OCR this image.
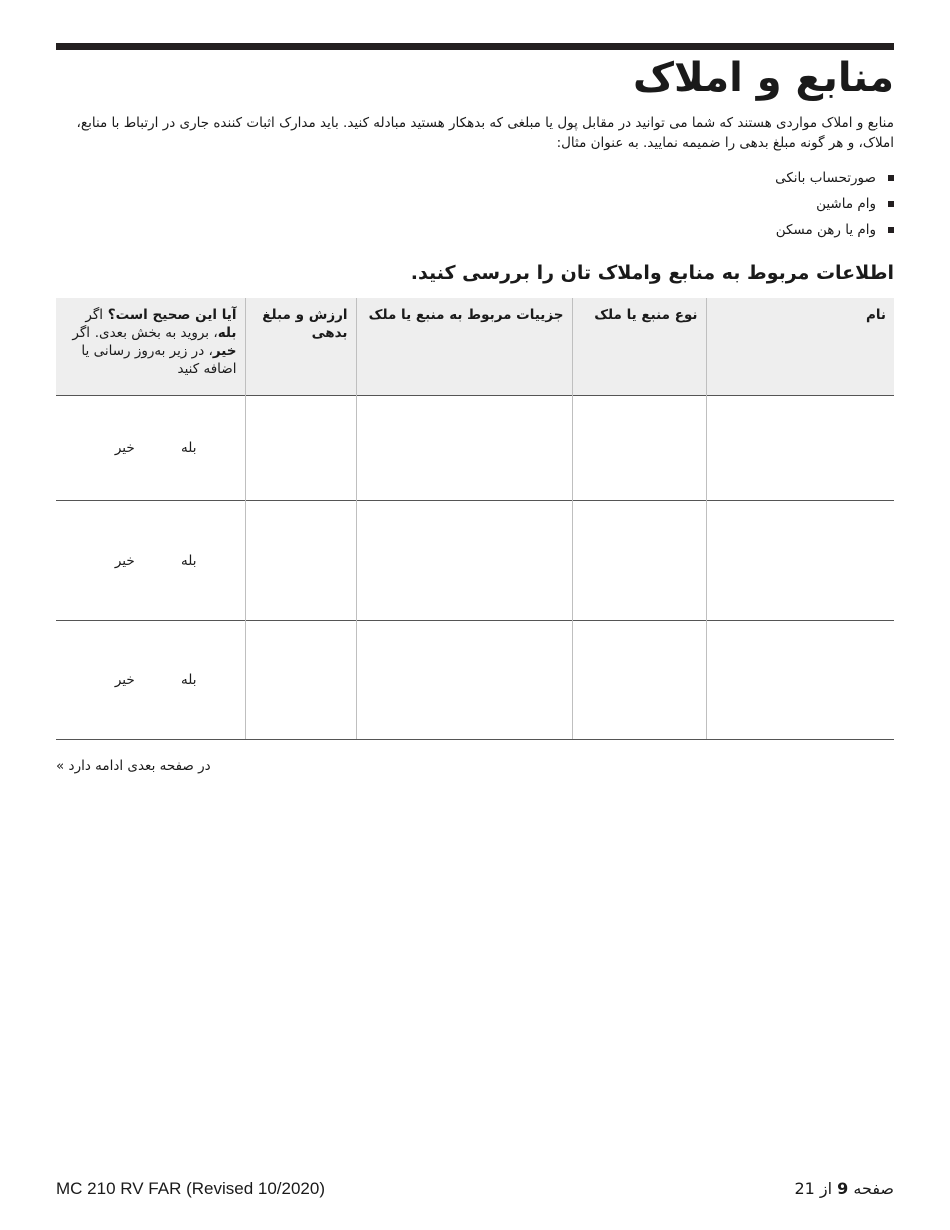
منابع و املاک

منابع و املاک مواردی هستند که شما می توانید در مقابل پول یا مبلغی که بدهکار هستید مبادله کنید. باید مدارک اثبات کننده جاری در ارتباط با منابع، املاک، و هر گونه مبلغ بدهی را ضمیمه نمایید. به عنوان مثال:

صورتحساب بانکی
وام ماشین
وام یا رهن مسکن
اطلاعات مربوط به منابع واملاک تان را بررسی کنید.
نام	نوع منبع یا ملک	جزییات مربوط به منبع یا ملک	ارزش و مبلغ بدهی	آیا این صحیح است؟ اگر بله، بروید به بخش بعدی. اگر خیر، در زیر به‌روز رسانی یا اضافه کنید
				بله خیر
				بله خیر
				بله خیر
در صفحه بعدی ادامه دارد »
MC 210 RV FAR (Revised 10/2020)	صفحه 9 از 21
